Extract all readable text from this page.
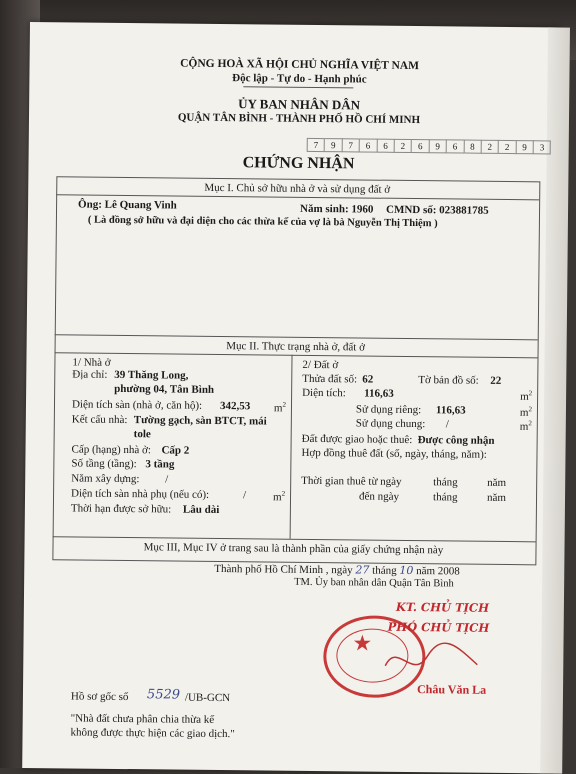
CỘNG HOÀ XÃ HỘI CHỦ NGHĨA VIỆT NAM
Độc lập - Tự do - Hạnh phúc
ỦY BAN NHÂN DÂN
QUẬN TÂN BÌNH - THÀNH PHỐ HỒ CHÍ MINH
7	9	7	6	6	2	6	9	6	8	2	2	9	3
CHỨNG NHẬN
Mục I. Chủ sở hữu nhà ở và sử dụng đất ở
Ông: Lê Quang Vinh	Năm sinh: 1960 CMND số: 023881785
( Là đồng sở hữu và đại diện cho các thừa kế của vợ là bà Nguyễn Thị Thiệm )
Mục II. Thực trạng nhà ở, đất ở
1/ Nhà ở
Địa chỉ: 39 Thăng Long,
phường 04, Tân Bình
Diện tích sàn (nhà ở, căn hộ): 342,53 $m^2$
Kết cấu nhà: Tường gạch, sàn BTCT, mái
tole
Cấp (hạng) nhà ở: Cấp 2
Số tầng (tầng): 3 tầng
Năm xây dựng: /
Diện tích sàn nhà phụ (nếu có):	/ $m^2$
Thời hạn được sở hữu: Lâu dài
2/ Đất ở
Thửa đất số: 62	Tờ bản đồ số: 22
Diện tích: 116,63	$m^2$
Sử dụng riêng: 116,63	$m^2$
Sử dụng chung: /	$m^2$
Đất được giao hoặc thuê: Được công nhận
Hợp đồng thuê đất (số, ngày, tháng, năm):
Thời gian thuê từ ngày	tháng	năm
đến ngày	tháng	năm
Mục III, Mục IV ở trang sau là thành phần của giấy chứng nhận này
Thành phố Hồ Chí Minh , ngày 27 tháng 10 năm 2008
TM. Ủy ban nhân dân Quận Tân Bình
★
KT. CHỦ TỊCH
PHÓ CHỦ TỊCH
Châu Văn La
Hồ sơ gốc số 5529 /UB-GCN
"Nhà đất chưa phân chia thừa kế
không được thực hiện các giao dịch."
